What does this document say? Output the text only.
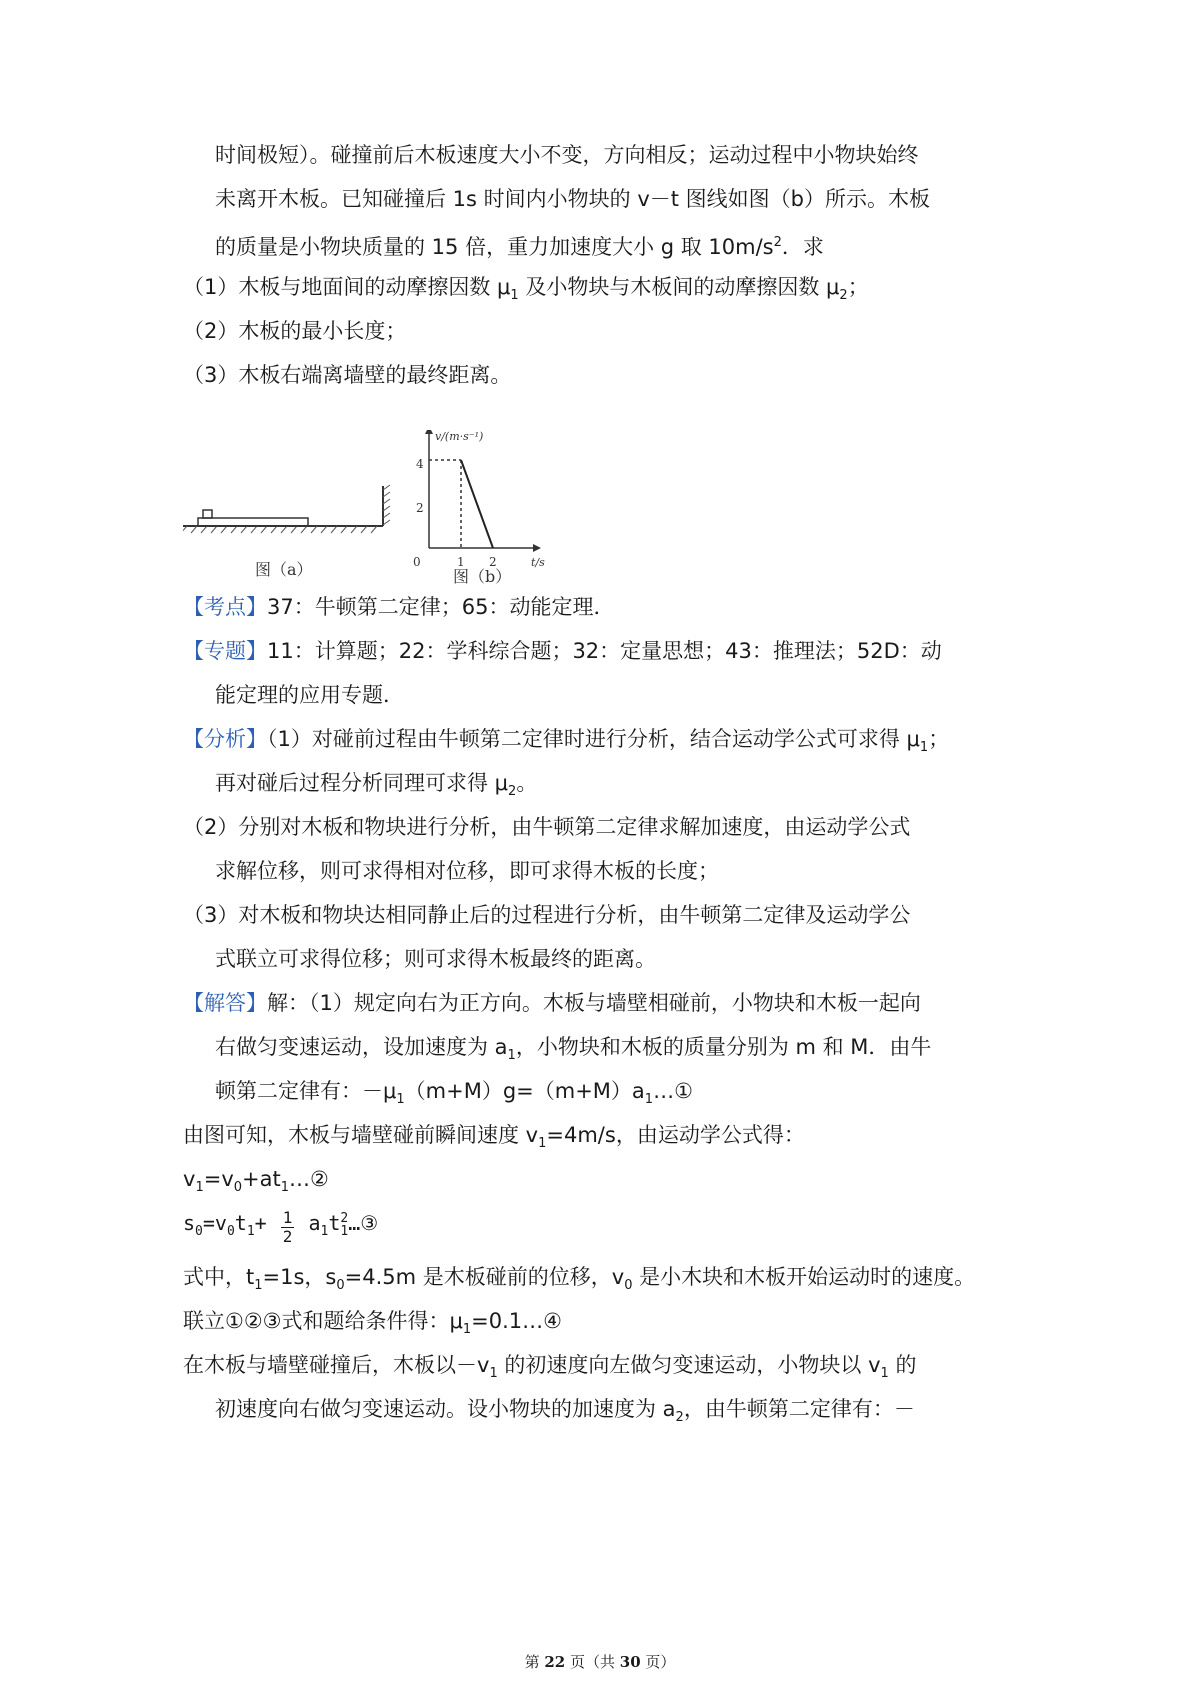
时间极短）。碰撞前后木板速度大小不变，方向相反；运动过程中小物块始终
未离开木板。已知碰撞后 1s 时间内小物块的 v－t 图线如图（b）所示。木板
的质量是小物块质量的 15 倍，重力加速度大小 g 取 $10m/s^2$．求
（1）木板与地面间的动摩擦因数 $\mu_1$ 及小物块与木板间的动摩擦因数 $\mu_2$；
（2）木板的最小长度；
（3）木板右端离墙壁的最终距离。
图（a）
v/(m·s⁻¹)
t/s
0
4
2
1 2
图（b）
【考点】37：牛顿第二定律；65：动能定理．
【专题】11：计算题；22：学科综合题；32：定量思想；43：推理法；52D：动
能定理的应用专题．
【分析】（1）对碰前过程由牛顿第二定律时进行分析，结合运动学公式可求得 $\mu_1$；
再对碰后过程分析同理可求得 $\mu_2$。
（2）分别对木板和物块进行分析，由牛顿第二定律求解加速度，由运动学公式
求解位移，则可求得相对位移，即可求得木板的长度；
（3）对木板和物块达相同静止后的过程进行分析，由牛顿第二定律及运动学公
式联立可求得位移；则可求得木板最终的距离。
【解答】解：（1）规定向右为正方向。木板与墙壁相碰前，小物块和木板一起向
右做匀变速运动，设加速度为 $a_1$，小物块和木板的质量分别为 m 和 M．由牛
顿第二定律有：$-\mu_1(m+M)g=(m+M)a_1\dots ①$
由图可知，木板与墙壁碰前瞬间速度 $v_1=4m/s$，由运动学公式得：
$v_1=v_0+at_1\dots ②$
$s_0=v_0t_1+ \frac{1}{2} a_1t$ 2
1 …③
式中，$t_1=1s$，$s_0=4.5m$ 是木板碰前的位移，$v_0$ 是小木块和木板开始运动时的速度。
联立①②③式和题给条件得：$\mu_1=0.1\dots ④$
在木板与墙壁碰撞后，木板以$-v_1$ 的初速度向左做匀变速运动，小物块以 $v_1$ 的
初速度向右做匀变速运动。设小物块的加速度为 $a_2$，由牛顿第二定律有：－
第 22 页（共 30 页）
